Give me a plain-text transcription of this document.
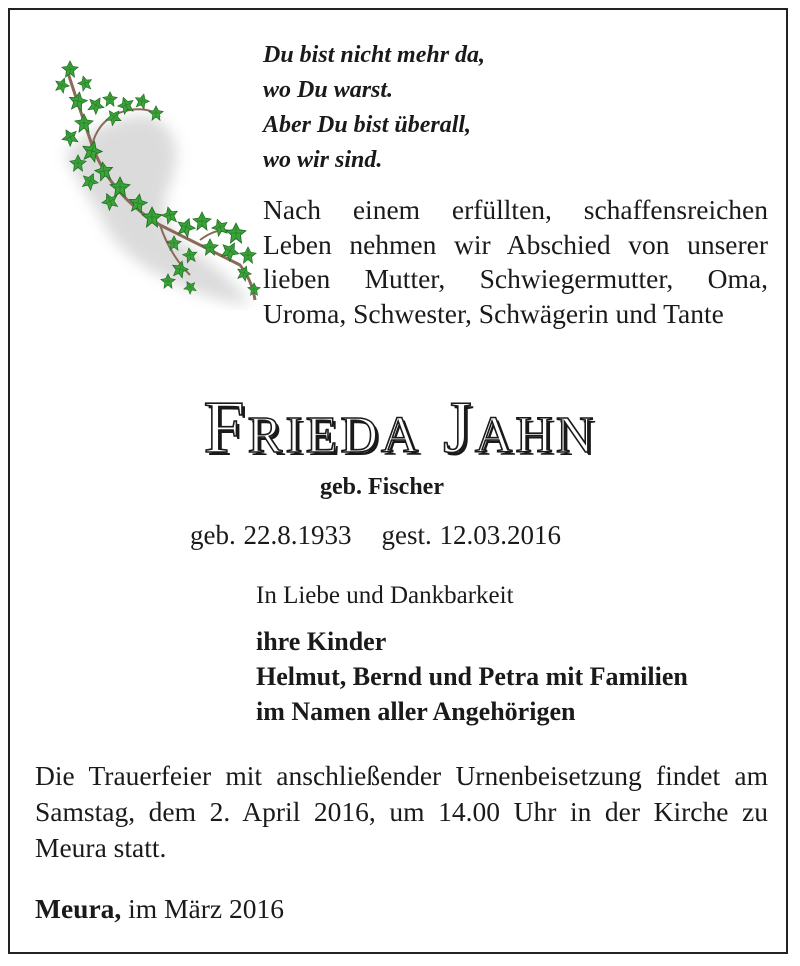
Du bist nicht mehr da,
wo Du warst.
Aber Du bist überall,
wo wir sind.
Nach einem erfüllten, schaffensreichen Leben nehmen wir Abschied von unserer lieben Mutter, Schwiegermutter, Oma, Uroma, Schwester, Schwägerin und Tante
Frieda Jahn
geb. Fischer
geb. 22.8.1933 gest. 12.03.2016
In Liebe und Dankbarkeit
ihre Kinder
Helmut, Bernd und Petra mit Familien
im Namen aller Angehörigen
Die Trauerfeier mit anschließender Urnenbeisetzung findet am Samstag, dem 2. April 2016, um 14.00 Uhr in der Kirche zu Meura statt.
Meura, im März 2016
